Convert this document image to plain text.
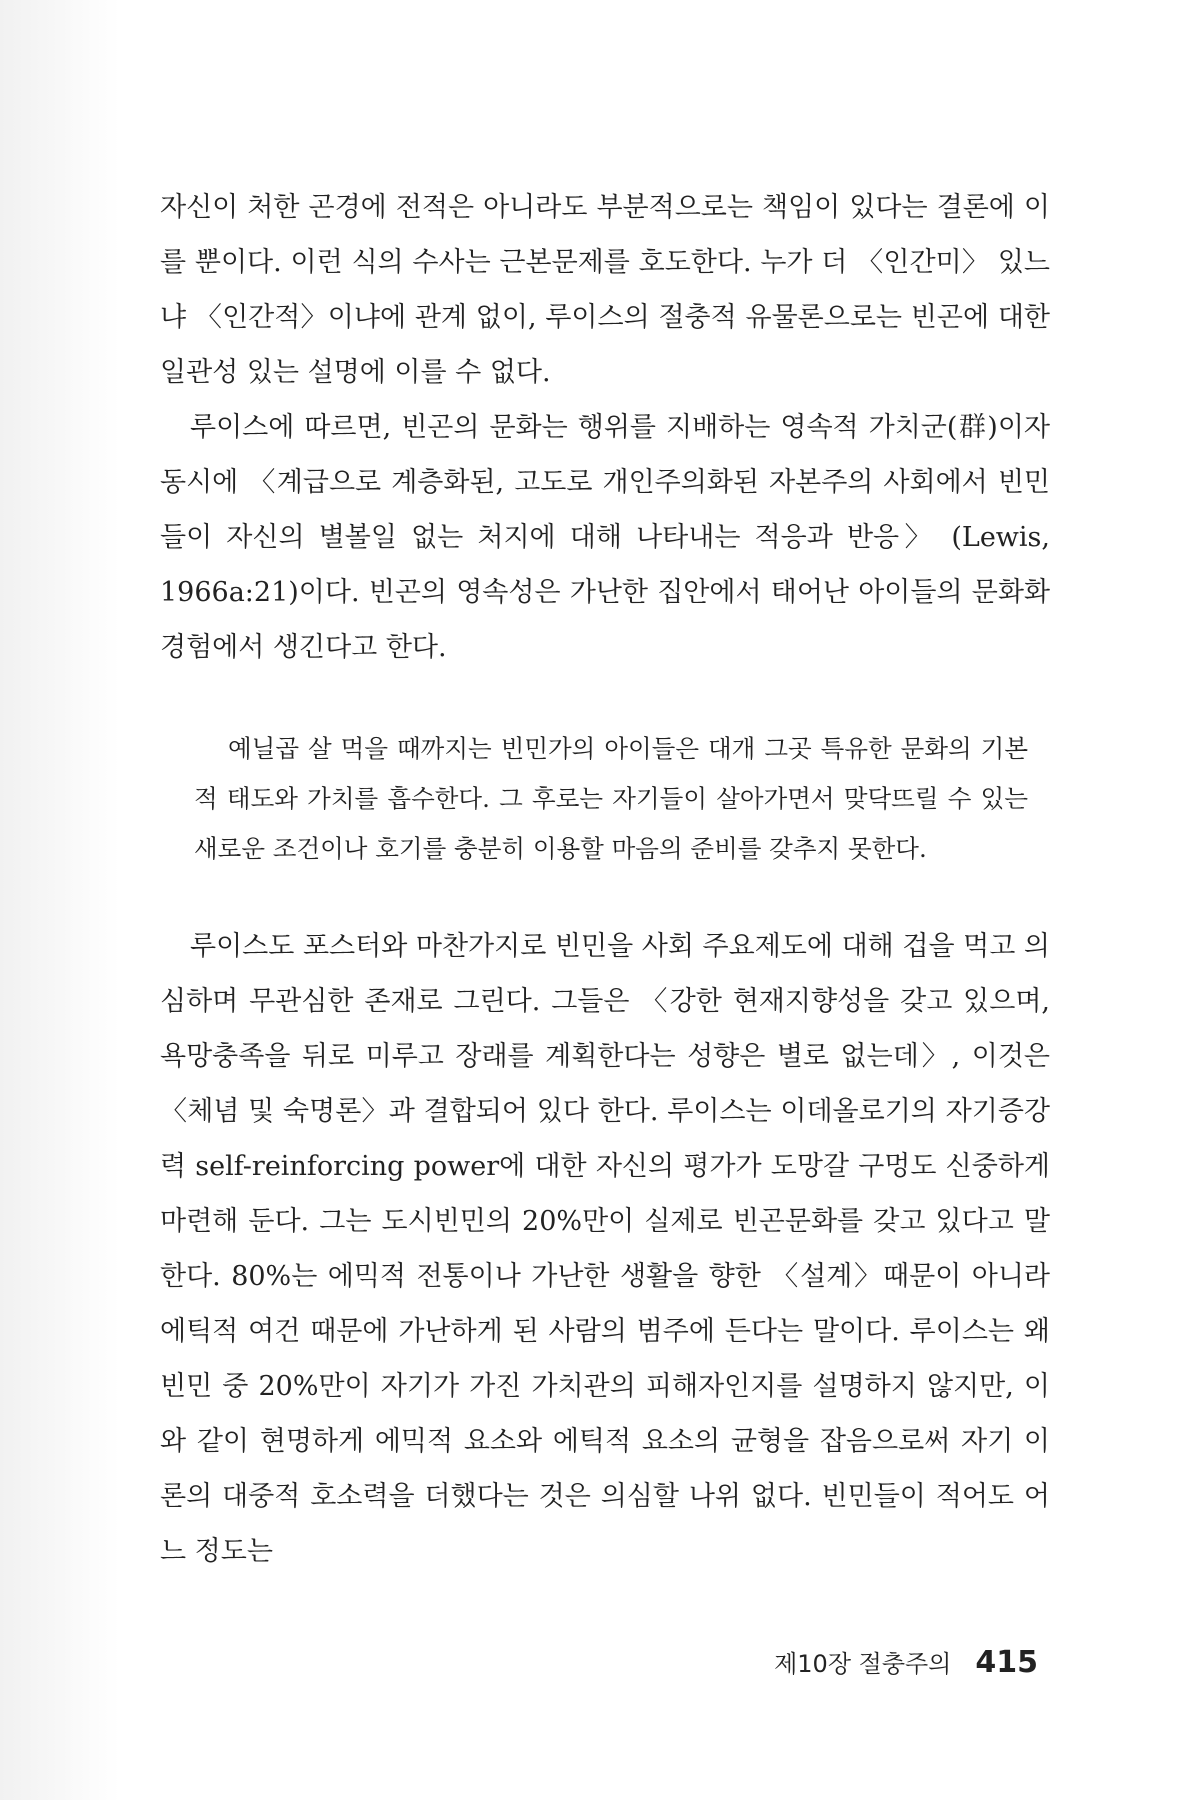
자신이 처한 곤경에 전적은 아니라도 부분적으로는 책임이 있다는 결론에 이를 뿐이다. 이런 식의 수사는 근본문제를 호도한다. 누가 더 〈인간미〉 있느냐 〈인간적〉이냐에 관계 없이, 루이스의 절충적 유물론으로는 빈곤에 대한 일관성 있는 설명에 이를 수 없다.

루이스에 따르면, 빈곤의 문화는 행위를 지배하는 영속적 가치군(群)이자 동시에 〈계급으로 계층화된, 고도로 개인주의화된 자본주의 사회에서 빈민들이 자신의 별볼일 없는 처지에 대해 나타내는 적응과 반응〉 (Lewis, 1966a:21)이다. 빈곤의 영속성은 가난한 집안에서 태어난 아이들의 문화화 경험에서 생긴다고 한다.

예닐곱 살 먹을 때까지는 빈민가의 아이들은 대개 그곳 특유한 문화의 기본적 태도와 가치를 흡수한다. 그 후로는 자기들이 살아가면서 맞닥뜨릴 수 있는 새로운 조건이나 호기를 충분히 이용할 마음의 준비를 갖추지 못한다.

루이스도 포스터와 마찬가지로 빈민을 사회 주요제도에 대해 겁을 먹고 의심하며 무관심한 존재로 그린다. 그들은 〈강한 현재지향성을 갖고 있으며, 욕망충족을 뒤로 미루고 장래를 계획한다는 성향은 별로 없는데〉, 이것은 〈체념 및 숙명론〉과 결합되어 있다 한다. 루이스는 이데올로기의 자기증강력 self-reinforcing power에 대한 자신의 평가가 도망갈 구멍도 신중하게 마련해 둔다. 그는 도시빈민의 20%만이 실제로 빈곤문화를 갖고 있다고 말한다. 80%는 에믹적 전통이나 가난한 생활을 향한 〈설계〉때문이 아니라 에틱적 여건 때문에 가난하게 된 사람의 범주에 든다는 말이다. 루이스는 왜 빈민 중 20%만이 자기가 가진 가치관의 피해자인지를 설명하지 않지만, 이와 같이 현명하게 에믹적 요소와 에틱적 요소의 균형을 잡음으로써 자기 이론의 대중적 호소력을 더했다는 것은 의심할 나위 없다. 빈민들이 적어도 어느 정도는

제10장 절충주의 415
